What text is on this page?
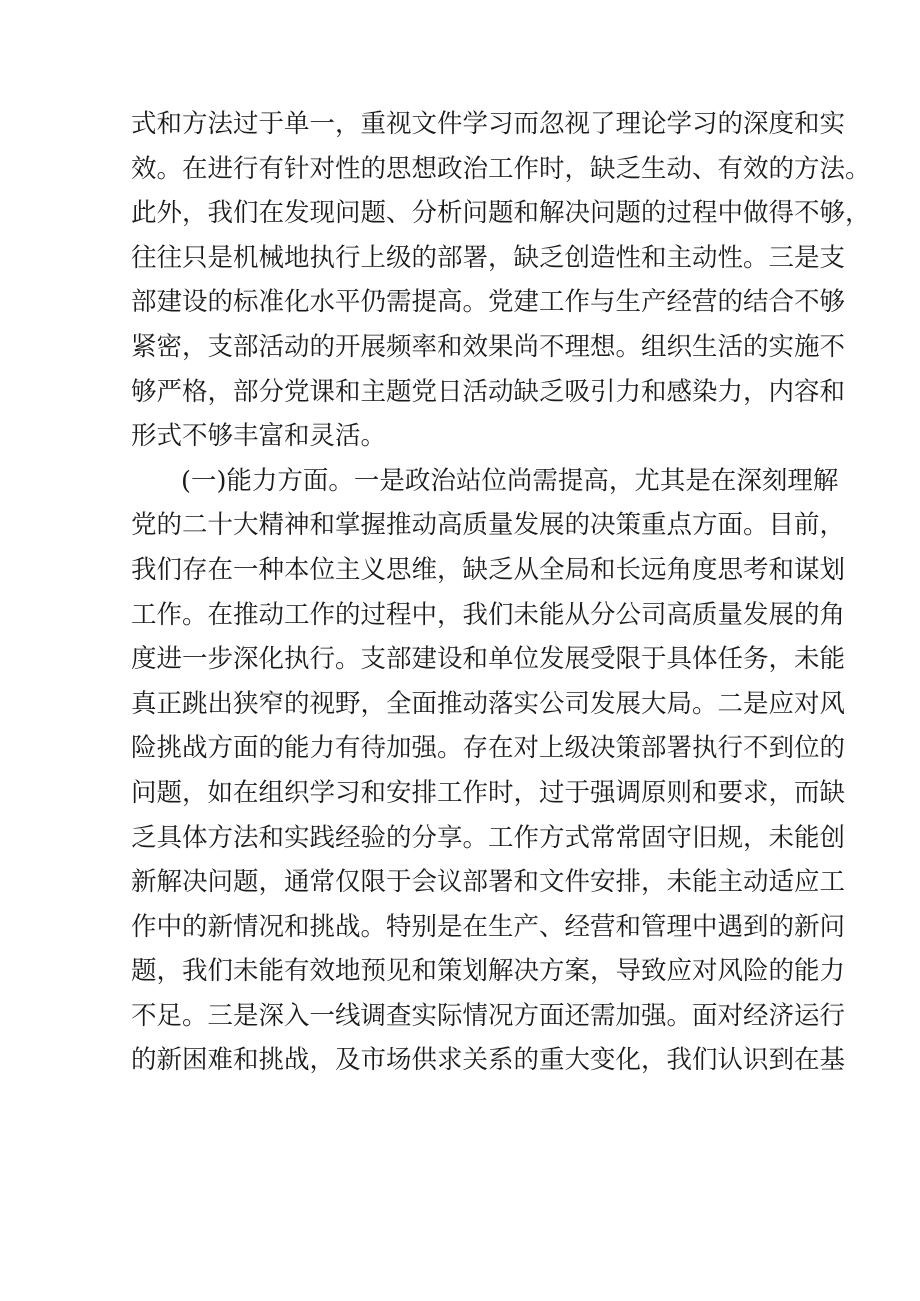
式和方法过于单一，重视文件学习而忽视了理论学习的深度和实
效。在进行有针对性的思想政治工作时，缺乏生动、有效的方法。
此外，我们在发现问题、分析问题和解决问题的过程中做得不够，
往往只是机械地执行上级的部署，缺乏创造性和主动性。三是支
部建设的标准化水平仍需提高。党建工作与生产经营的结合不够
紧密，支部活动的开展频率和效果尚不理想。组织生活的实施不
够严格，部分党课和主题党日活动缺乏吸引力和感染力，内容和
形式不够丰富和灵活。
(一)能力方面。一是政治站位尚需提高，尤其是在深刻理解
党的二十大精神和掌握推动高质量发展的决策重点方面。目前，
我们存在一种本位主义思维，缺乏从全局和长远角度思考和谋划
工作。在推动工作的过程中，我们未能从分公司高质量发展的角
度进一步深化执行。支部建设和单位发展受限于具体任务，未能
真正跳出狭窄的视野，全面推动落实公司发展大局。二是应对风
险挑战方面的能力有待加强。存在对上级决策部署执行不到位的
问题，如在组织学习和安排工作时，过于强调原则和要求，而缺
乏具体方法和实践经验的分享。工作方式常常固守旧规，未能创
新解决问题，通常仅限于会议部署和文件安排，未能主动适应工
作中的新情况和挑战。特别是在生产、经营和管理中遇到的新问
题，我们未能有效地预见和策划解决方案，导致应对风险的能力
不足。三是深入一线调查实际情况方面还需加强。面对经济运行
的新困难和挑战，及市场供求关系的重大变化，我们认识到在基
